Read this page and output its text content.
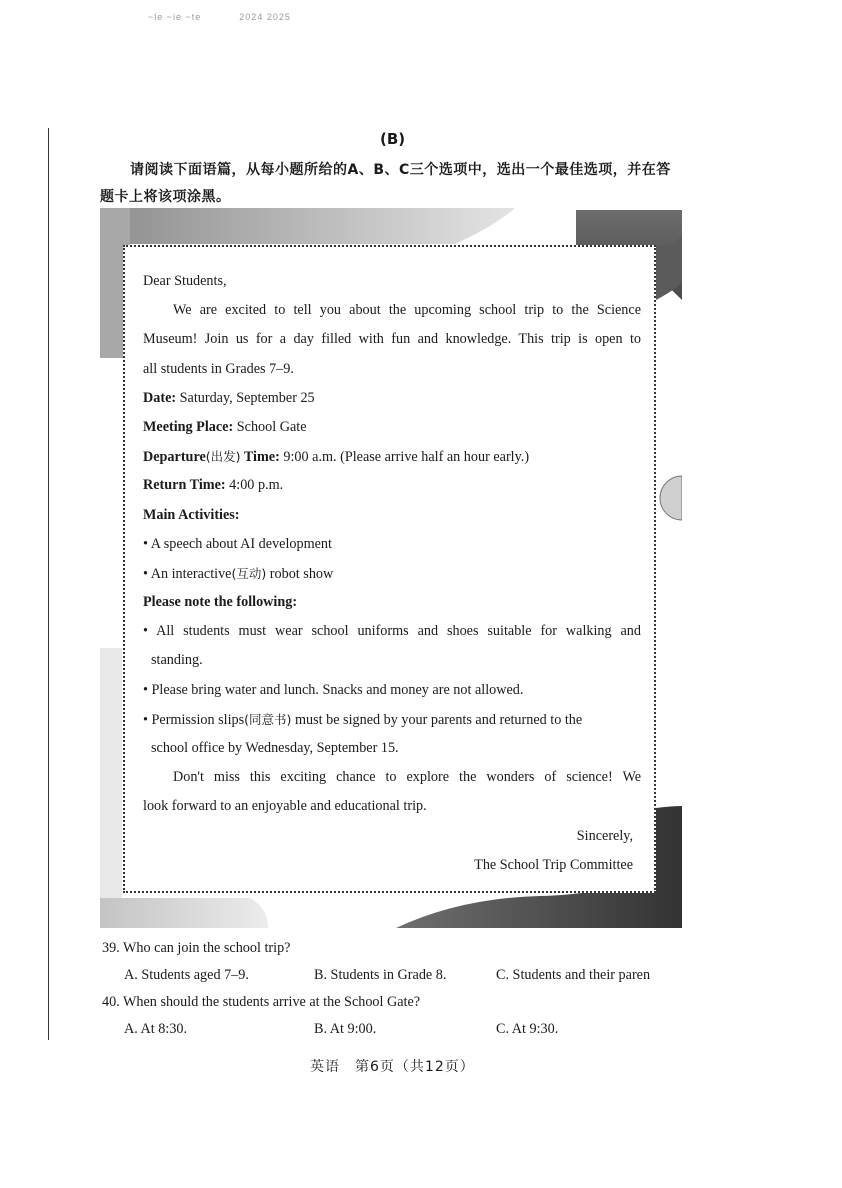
~le ~ie ~te	2024 2025
(B)
请阅读下面语篇，从每小题所给的A、B、C三个选项中，选出一个最佳选项，并在答题卡上将该项涂黑。
Dear Students,
We are excited to tell you about the upcoming school trip to the Science
Museum! Join us for a day filled with fun and knowledge. This trip is open to
all students in Grades 7–9.
Date: Saturday, September 25
Meeting Place: School Gate
Departure(出发) Time: 9:00 a.m. (Please arrive half an hour early.)
Return Time: 4:00 p.m.
Main Activities:
• A speech about AI development
• An interactive(互动) robot show
Please note the following:
• All students must wear school uniforms and shoes suitable for walking and
standing.
• Please bring water and lunch. Snacks and money are not allowed.
• Permission slips(同意书) must be signed by your parents and returned to the
school office by Wednesday, September 15.
Don't miss this exciting chance to explore the wonders of science! We
look forward to an enjoyable and educational trip.
Sincerely,
The School Trip Committee
39. Who can join the school trip?
A. Students aged 7–9.	B. Students in Grade 8.	C. Students and their paren
40. When should the students arrive at the School Gate?
A. At 8:30.	B. At 9:00.	C. At 9:30.
英语　第6页（共12页）
